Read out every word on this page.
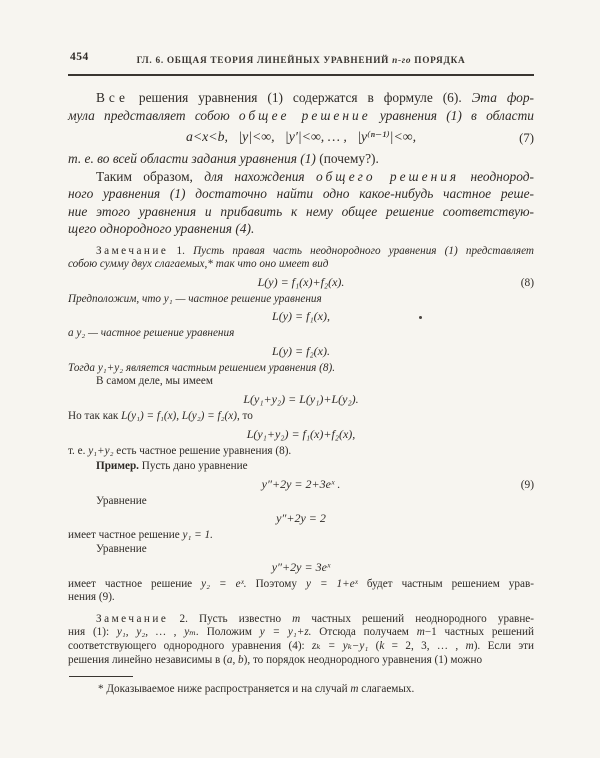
454	ГЛ. 6. ОБЩАЯ ТЕОРИЯ ЛИНЕЙНЫХ УРАВНЕНИЙ n-го ПОРЯДКА
Все решения уравнения (1) содержатся в формуле (6). Эта фор-
мула представляет собою общее решение уравнения (1) в области
a<x<b,   |y|<∞,   |y′|<∞, … ,   |y⁽ⁿ⁻¹⁾|<∞,	(7)
т. е. во всей области задания уравнения (1) (почему?).
Таким образом, для нахождения общего решения неоднород-
ного уравнения (1) достаточно найти одно какое-нибудь частное реше-
ние этого уравнения и прибавить к нему общее решение соответствую-
щего однородного уравнения (4).
Замечание 1. Пусть правая часть неоднородного уравнения (1) представляет
собою сумму двух слагаемых,* так что оно имеет вид
L(y) = f₁(x)+f₂(x).	(8)
Предположим, что y₁ — частное решение уравнения
L(y) = f₁(x),
а y₂ — частное решение уравнения
L(y) = f₂(x).
Тогда y₁+y₂ является частным решением уравнения (8).
В самом деле, мы имеем
L(y₁+y₂) = L(y₁)+L(y₂).
Но так как L(y₁) = f₁(x), L(y₂) = f₂(x), то
L(y₁+y₂) = f₁(x)+f₂(x),
т. е. y₁+y₂ есть частное решение уравнения (8).
Пример. Пусть дано уравнение
y″+2y = 2+3eˣ .	(9)
Уравнение
y″+2y = 2
имеет частное решение y₁ = 1.
Уравнение
y″+2y = 3eˣ
имеет частное решение y₂ = eˣ. Поэтому y = 1+eˣ будет частным решением урав-
нения (9).
Замечание 2. Пусть известно m частных решений неоднородного уравне-
ния (1): y₁, y₂, … , yₘ. Положим y = y₁+z. Отсюда получаем m−1 частных решений
соответствующего однородного уравнения (4): zₖ = yₖ−y₁ (k = 2, 3, … , m). Если эти
решения линейно независимы в (a, b), то порядок неоднородного уравнения (1) можно
* Доказываемое ниже распространяется и на случай m слагаемых.
